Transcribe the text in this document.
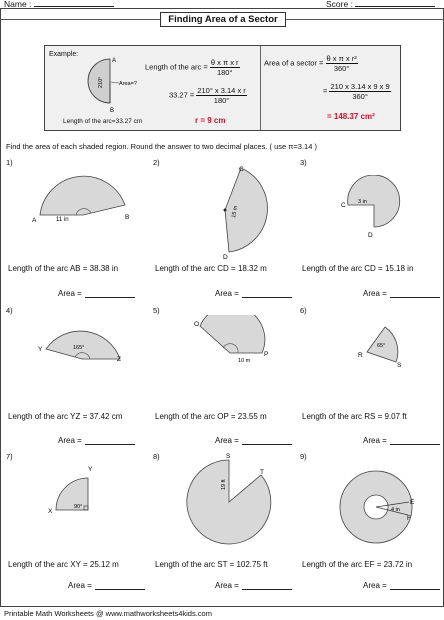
Name :	Score :
Finding Area of a Sector
Example:
A
B
210°	Area=?
Length of the arc=33.27 cm
Length of the arc = $\frac{\text{θ x π x r}}{180^\circ}$
$33.27 = \frac{\text{210° x 3.14 x r}}{180^\circ}$
r = 9 cm
Area of a sector = $\frac{\text{θ x π x r²}}{360^\circ}$
= $\frac{210 x 3.14 x 9 x 9}{360^\circ}$
= 148.37 cm²
Find the area of each shaded region. Round the answer to two decimal places. ( use π=3.14 )
1)
A	B
11 in
Length of the arc AB = 38.38 in
Area =
2)
C
D
15 m
Length of the arc CD = 18.32 m
Area =
3)
C
D
3 in
Length of the arc CD = 15.18 in
Area =
4)
Y
Z
165°
Length of the arc YZ = 37.42 cm
Area =
5)
O
P
10 m
Length of the arc OP = 23.55 m
Area =
6)
R
S
65°
Length of the arc RS = 9.07 ft
Area =
7)
X
Y
90°
Length of the arc XY = 25.12 m
Area =
8)	S
T
19 ft
Length of the arc ST = 102.75 ft
Area =
9)
E
F
4 in
Length of the arc EF = 23.72 in
Area =
Printable Math Worksheets @ www.mathworksheets4kids.com
